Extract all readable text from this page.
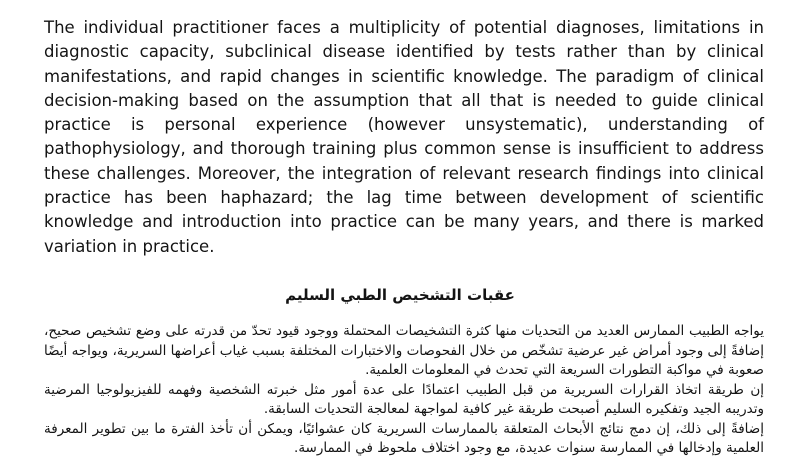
The individual practitioner faces a multiplicity of potential diagnoses, limitations in diagnostic capacity, subclinical disease identified by tests rather than by clinical manifestations, and rapid changes in scientific knowledge. The paradigm of clinical decision-making based on the assumption that all that is needed to guide clinical practice is personal experience (however unsystematic), understanding of pathophysiology, and thorough training plus common sense is insufficient to address these challenges. Moreover, the integration of relevant research findings into clinical practice has been haphazard; the lag time between development of scientific knowledge and introduction into practice can be many years, and there is marked variation in practice.

عقبات التشخيص الطبي السليم

يواجه الطبيب الممارس العديد من التحديات منها كثرة التشخيصات المحتملة ووجود قيود تحدّ من قدرته على وضع تشخيص صحيح، إضافةً إلى وجود أمراض غير عرضية تشخّص من خلال الفحوصات والاختبارات المختلفة بسبب غياب أعراضها السريرية، ويواجه أيضًا صعوبة في مواكبة التطورات السريعة التي تحدث في المعلومات العلمية.

إن طريقة اتخاذ القرارات السريرية من قبل الطبيب اعتمادًا على عدة أمور مثل خبرته الشخصية وفهمه للفيزيولوجيا المرضية وتدريبه الجيد وتفكيره السليم أصبحت طريقة غير كافية لمواجهة لمعالجة التحديات السابقة.

إضافةً إلى ذلك، إن دمج نتائج الأبحاث المتعلقة بالممارسات السريرية كان عشوائيًا، ويمكن أن تأخذ الفترة ما بين تطوير المعرفة العلمية وإدخالها في الممارسة سنوات عديدة، مع وجود اختلاف ملحوظ في الممارسة.
